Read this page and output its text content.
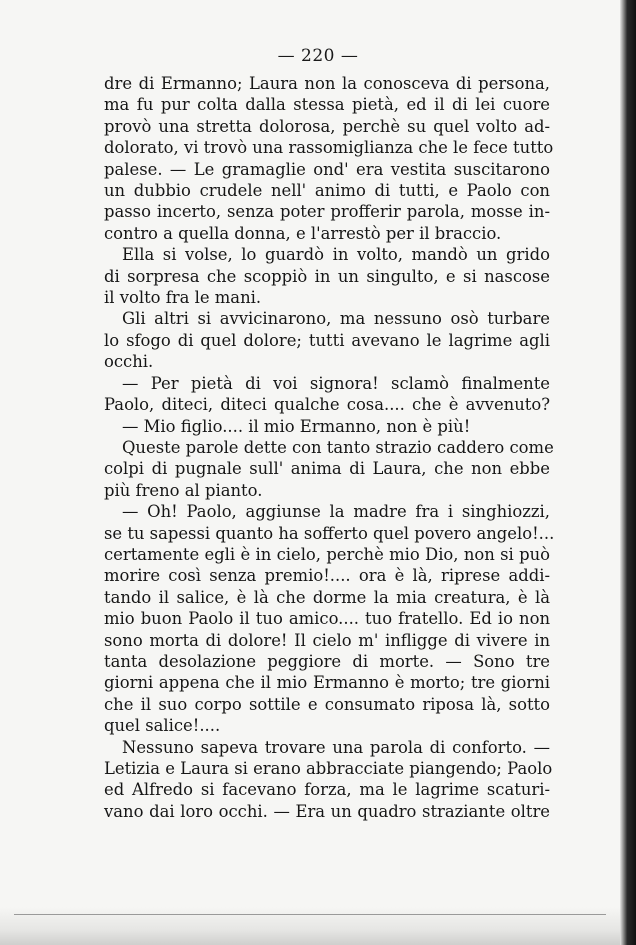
— 220 —
dre di Ermanno; Laura non la conosceva di persona,
ma fu pur colta dalla stessa pietà, ed il di lei cuore
provò una stretta dolorosa, perchè su quel volto ad-
dolorato, vi trovò una rassomiglianza che le fece tutto
palese. — Le gramaglie ond' era vestita suscitarono
un dubbio crudele nell' animo di tutti, e Paolo con
passo incerto, senza poter profferir parola, mosse in-
contro a quella donna, e l'arrestò per il braccio.
Ella si volse, lo guardò in volto, mandò un grido
di sorpresa che scoppiò in un singulto, e si nascose
il volto fra le mani.
Gli altri si avvicinarono, ma nessuno osò turbare
lo sfogo di quel dolore; tutti avevano le lagrime agli
occhi.
— Per pietà di voi signora! sclamò finalmente
Paolo, diteci, diteci qualche cosa.... che è avvenuto?
— Mio figlio.... il mio Ermanno, non è più!
Queste parole dette con tanto strazio caddero come
colpi di pugnale sull' anima di Laura, che non ebbe
più freno al pianto.
— Oh! Paolo, aggiunse la madre fra i singhiozzi,
se tu sapessi quanto ha sofferto quel povero angelo!...
certamente egli è in cielo, perchè mio Dio, non si può
morire così senza premio!.... ora è là, riprese addi-
tando il salice, è là che dorme la mia creatura, è là
mio buon Paolo il tuo amico.... tuo fratello. Ed io non
sono morta di dolore! Il cielo m' infligge di vivere in
tanta desolazione peggiore di morte. — Sono tre
giorni appena che il mio Ermanno è morto; tre giorni
che il suo corpo sottile e consumato riposa là, sotto
quel salice!....
Nessuno sapeva trovare una parola di conforto. —
Letizia e Laura si erano abbracciate piangendo; Paolo
ed Alfredo si facevano forza, ma le lagrime scaturi-
vano dai loro occhi. — Era un quadro straziante oltre
